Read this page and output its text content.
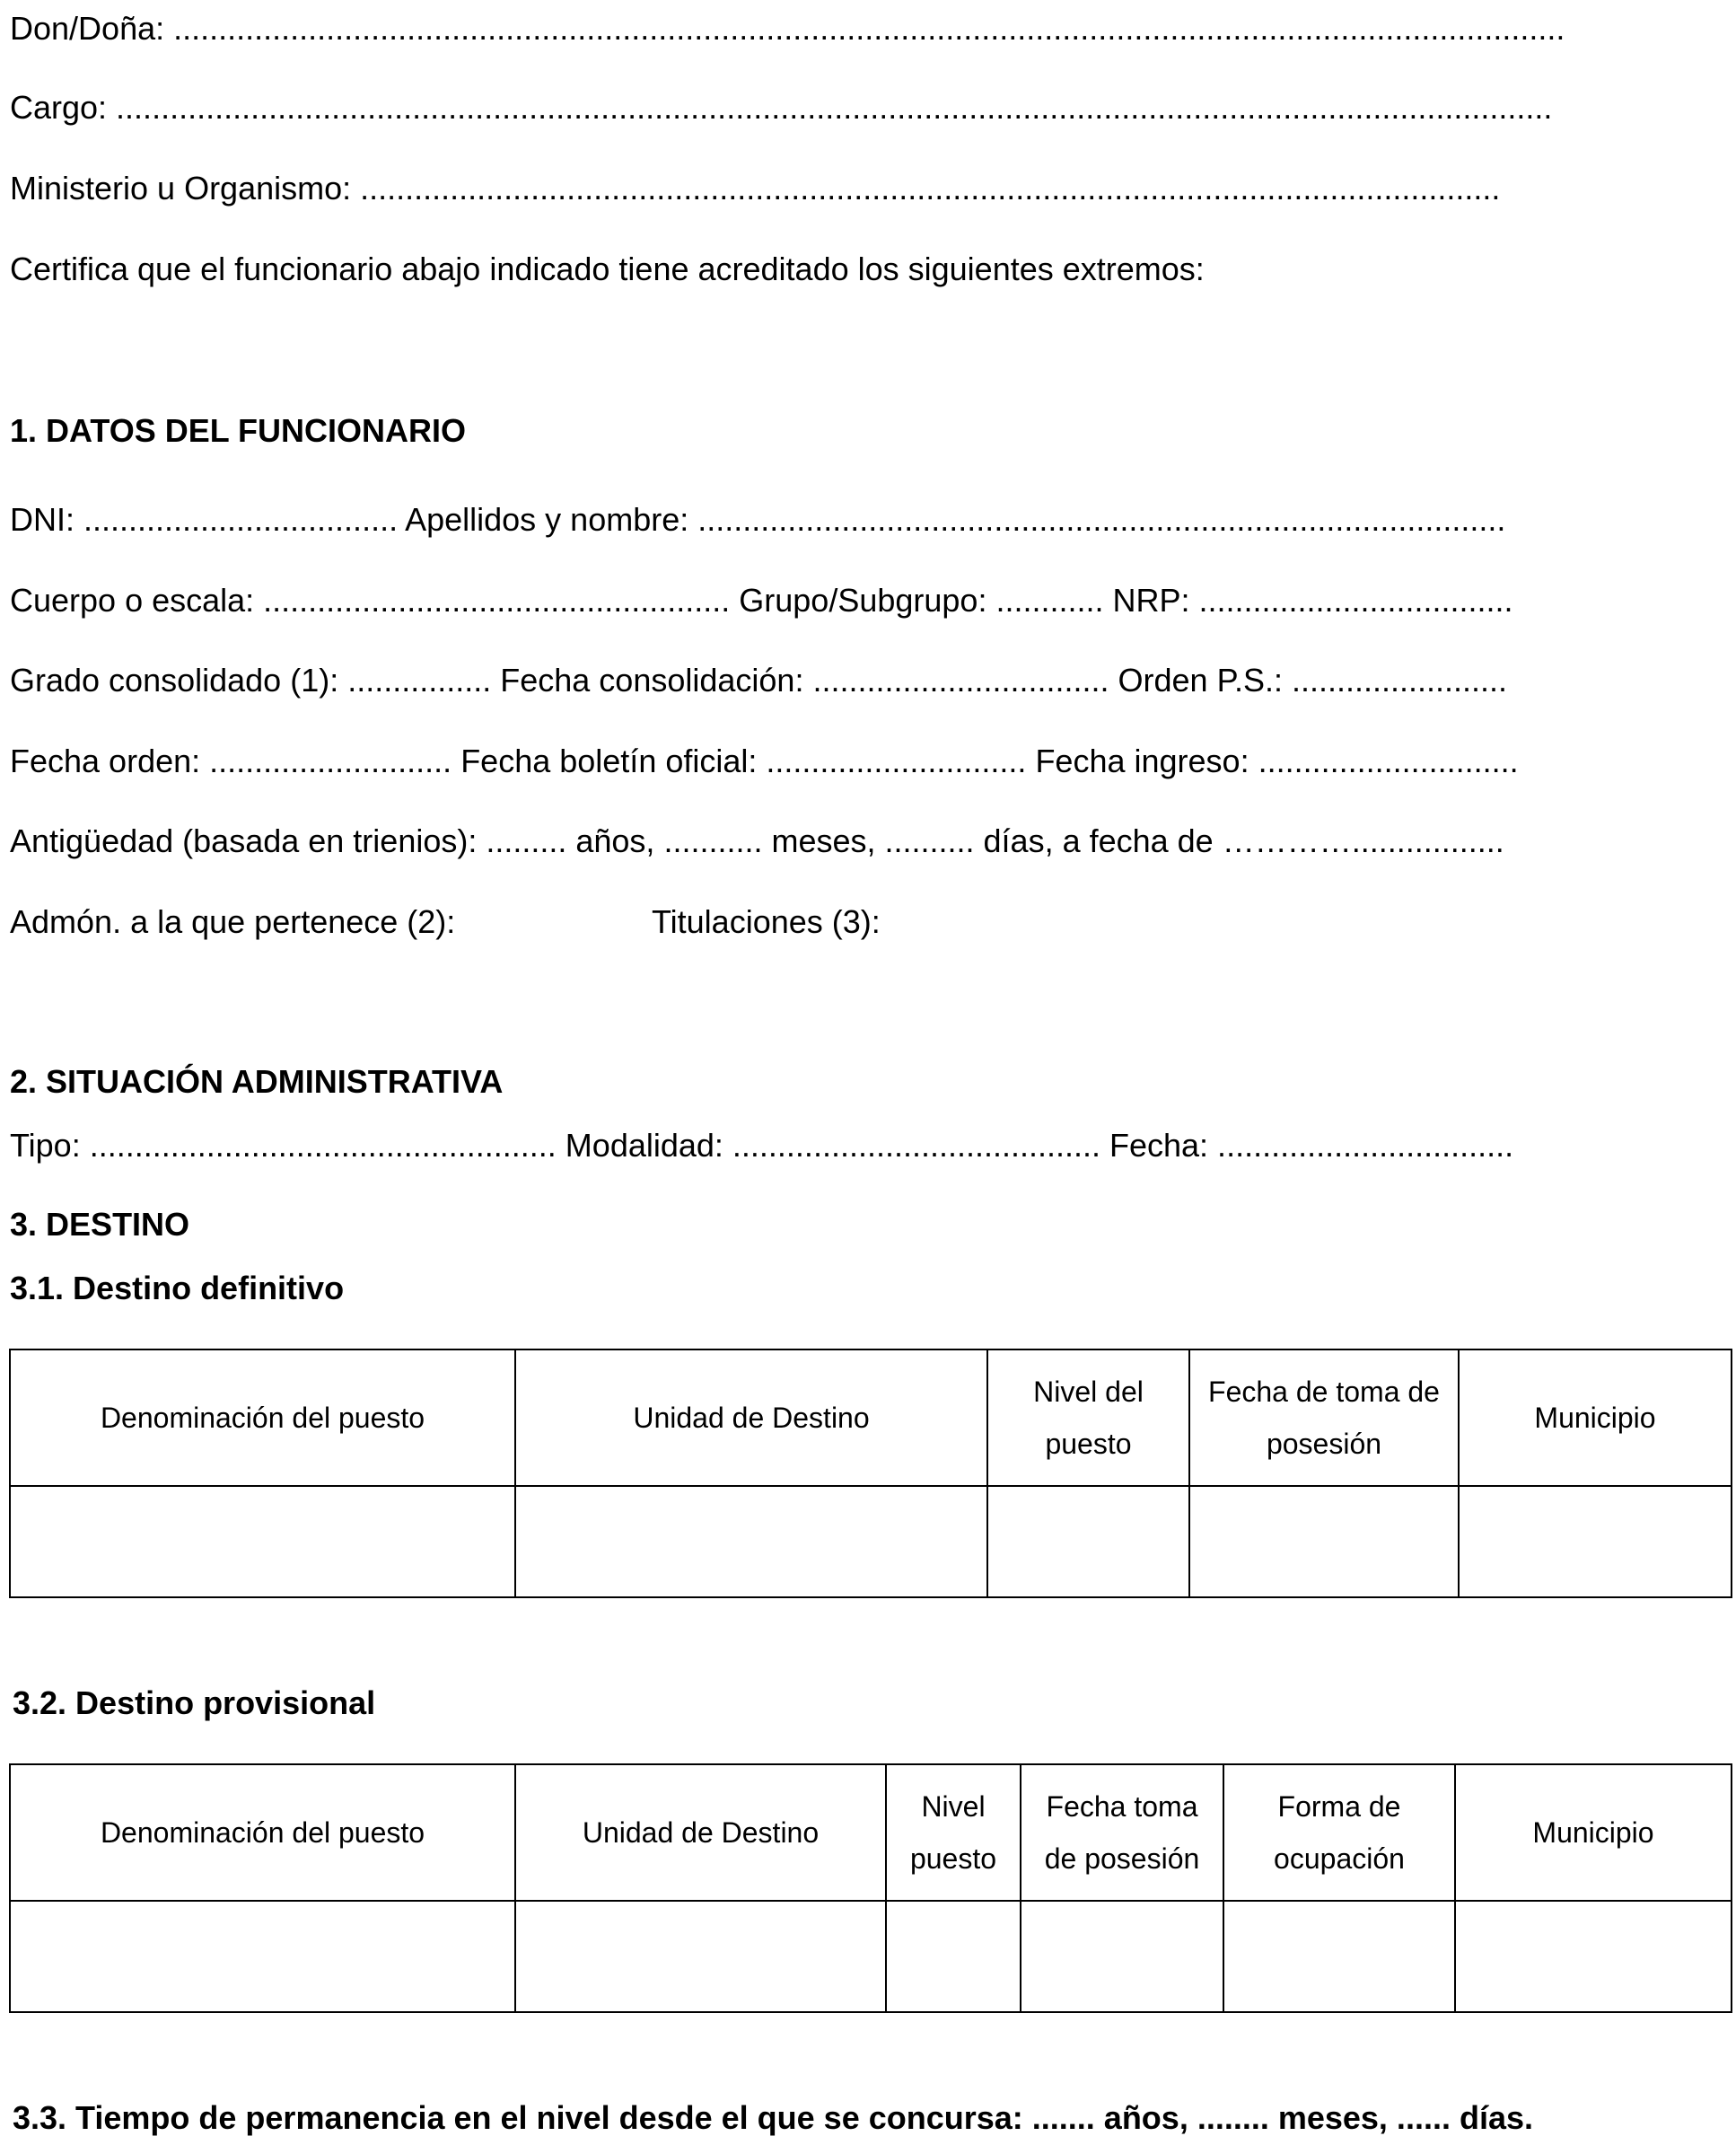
Don/Doña: ...........................................................................................................................................................
Cargo: ................................................................................................................................................................
Ministerio u Organismo: ...............................................................................................................................
Certifica que el funcionario abajo indicado tiene acreditado los siguientes extremos:
1. DATOS DEL FUNCIONARIO
DNI: ................................... Apellidos y nombre: ..........................................................................................
Cuerpo o escala: .................................................... Grupo/Subgrupo: ............ NRP: ...................................
Grado consolidado (1): ................ Fecha consolidación: ................................. Orden P.S.: ........................
Fecha orden: ........................... Fecha boletín oficial: ............................. Fecha ingreso: .............................
Antigüedad (basada en trienios): ......... años, ........... meses, .......... días, a fecha de ………….................
Admón. a la que pertenece (2):	Titulaciones (3):
2. SITUACIÓN ADMINISTRATIVA
Tipo: .................................................... Modalidad: ......................................... Fecha: .................................
3. DESTINO
3.1. Destino definitivo
Denominación del puesto	Unidad de Destino	Nivel del puesto	Fecha de toma de posesión	Municipio

3.2. Destino provisional
Denominación del puesto	Unidad de Destino	Nivel puesto	Fecha toma de posesión	Forma de ocupación	Municipio

3.3. Tiempo de permanencia en el nivel desde el que se concursa: ....... años, ........ meses, ...... días.
